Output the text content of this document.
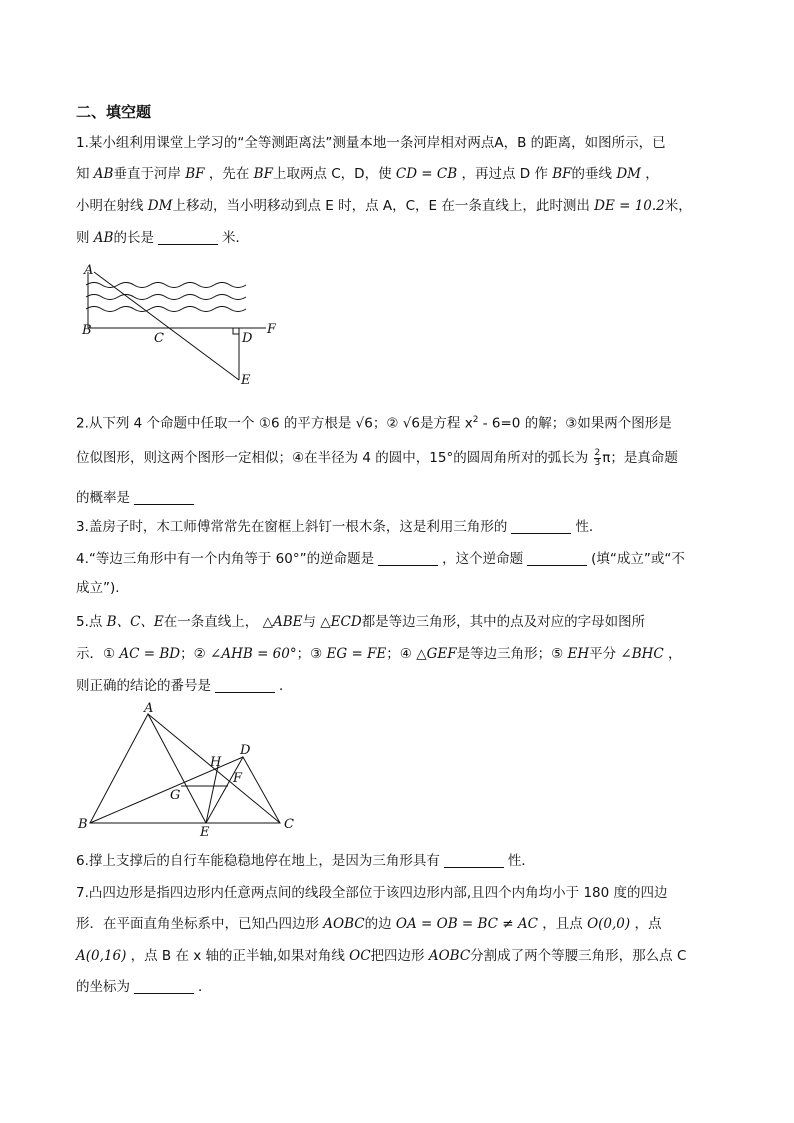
二、填空题
1.某小组利用课堂上学习的“全等测距离法”测量本地一条河岸相对两点A，B 的距离，如图所示，已
知 AB垂直于河岸 BF ，先在 BF上取两点 C，D，使 CD = CB ，再过点 D 作 BF的垂线 DM ，
小明在射线 DM上移动，当小明移动到点 E 时，点 A，C，E 在一条直线上，此时测出 DE = 10.2米，
则 AB的长是	米．
A
B
C	D
E
F
2.从下列 4 个命题中任取一个 ①6 的平方根是 √6；② √6是方程 $x^2 - 6=0$ 的解；③如果两个图形是
位似图形，则这两个图形一定相似；④在半径为 4 的圆中，15°的圆周角所对的弧长为 $\frac{2}{3}$ π；是真命题
的概率是
3.盖房子时，木工师傅常常先在窗框上斜钉一根木条，这是利用三角形的	性．
4.“等边三角形中有一个内角等于 60°”的逆命题是	，这个逆命题	(填“成立”或“不
成立”).
5.点 B、C、E在一条直线上， △ABE与 △ECD都是等边三角形，其中的点及对应的字母如图所
示．① AC = BD；② ∠AHB = 60°；③ EG = FE；④ △GEF是等边三角形；⑤ EH平分 ∠BHC ，
则正确的结论的番号是	．
A
B	C
D
E
F
G
H
6.撑上支撑后的自行车能稳稳地停在地上，是因为三角形具有	性．
7.凸四边形是指四边形内任意两点间的线段全部位于该四边形内部,且四个内角均小于 180 度的四边
形．在平面直角坐标系中，已知凸四边形 AOBC的边 OA = OB = BC ≠ AC ，且点 O(0,0) ，点
A(0,16) ，点 B 在 x 轴的正半轴,如果对角线 OC把四边形 AOBC分割成了两个等腰三角形，那么点 C
的坐标为	．
